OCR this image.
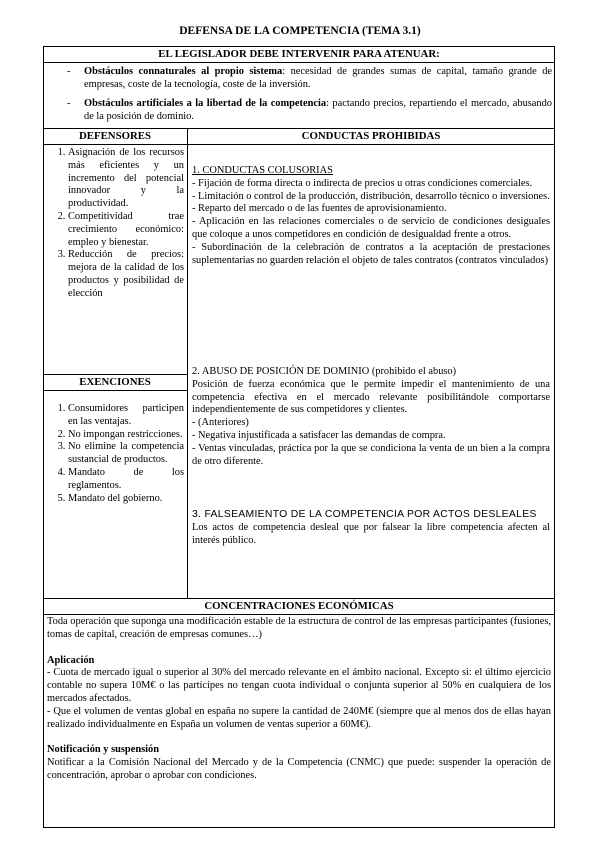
DEFENSA DE LA COMPETENCIA (TEMA 3.1)
EL LEGISLADOR DEBE INTERVENIR PARA ATENUAR:
- Obstáculos connaturales al propio sistema: necesidad de grandes sumas de capital, tamaño grande de empresas, coste de la tecnología, coste de la inversión.
- Obstáculos artificiales a la libertad de la competencia: pactando precios, repartiendo el mercado, abusando de la posición de dominio.
DEFENSORES	CONDUCTAS PROHIBIDAS
1. Asignación de los recursos más eficientes y un incremento del potencial innovador y la productividad.
2. Competitividad trae crecimiento económico: empleo y bienestar.
3. Reducción de precios: mejora de la calidad de los productos y posibilidad de elección
EXENCIONES
1. Consumidores participen en las ventajas.
2. No impongan restricciones.
3. No elimine la competencia sustancial de productos.
4. Mandato de los reglamentos.
5. Mandato del gobierno.

1. CONDUCTAS COLUSORIAS

- Fijación de forma directa o indirecta de precios u otras condiciones comerciales.

- Limitación o control de la producción, distribución, desarrollo técnico o inversiones.

- Reparto del mercado o de las fuentes de aprovisionamiento.

- Aplicación en las relaciones comerciales o de servicio de condiciones desiguales que coloque a unos competidores en condición de desigualdad frente a otros.

- Subordinación de la celebración de contratos a la aceptación de prestaciones suplementarias no guarden relación el objeto de tales contratos (contratos vinculados)

2. ABUSO DE POSICIÓN DE DOMINIO (prohibido el abuso)

Posición de fuerza económica que le permite impedir el mantenimiento de una competencia efectiva en el mercado relevante posibilitándole comportarse independientemente de sus competidores y clientes.

- (Anteriores)

- Negativa injustificada a satisfacer las demandas de compra.

- Ventas vinculadas, práctica por la que se condiciona la venta de un bien a la compra de otro diferente.

3. FALSEAMIENTO DE LA COMPETENCIA POR ACTOS DESLEALES

Los actos de competencia desleal que por falsear la libre competencia afecten al interés público.

CONCENTRACIONES ECONÓMICAS

Toda operación que suponga una modificación estable de la estructura de control de las empresas participantes (fusiones, tomas de capital, creación de empresas comunes…)

Aplicación

- Cuota de mercado igual o superior al 30% del mercado relevante en el ámbito nacional. Excepto si: el último ejercicio contable no supera 10M€ o las partícipes no tengan cuota individual o conjunta superior al 50% en cualquiera de los mercados afectados.

- Que el volumen de ventas global en españa no supere la cantidad de 240M€ (siempre que al menos dos de ellas hayan realizado individualmente en España un volumen de ventas superior a 60M€).

Notificación y suspensión

Notificar a la Comisión Nacional del Mercado y de la Competencia (CNMC) que puede: suspender la operación de concentración, aprobar o aprobar con condiciones.
